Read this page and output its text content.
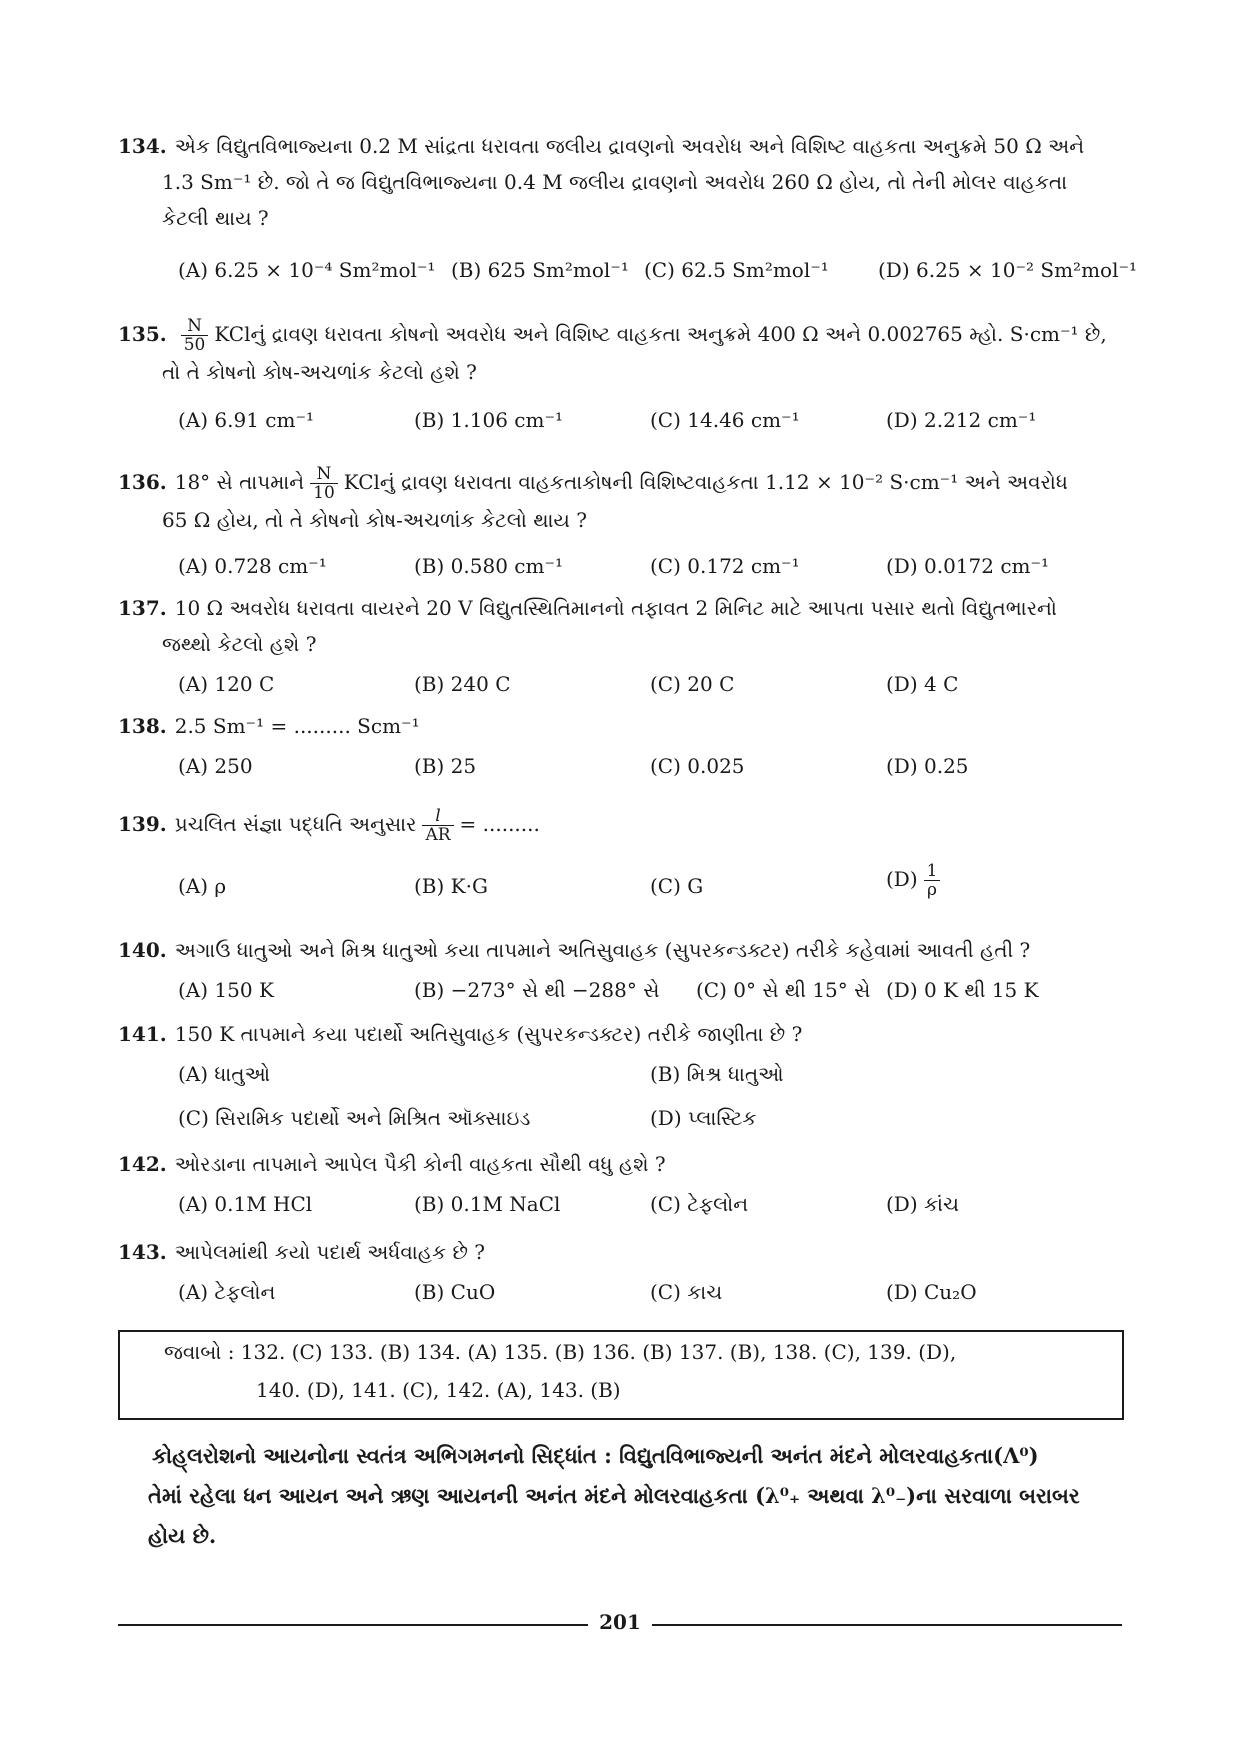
134. એક વિદ્યુતવિભાજ્યના 0.2 M સાંદ્રતા ધરાવતા જલીય દ્રાવણનો અવરોધ અને વિશિષ્ટ વાહકતા અનુક્રમે 50 Ω અને
1.3 Sm⁻¹ છે. જો તે જ વિદ્યુતવિભાજ્યના 0.4 M જલીય દ્રાવણનો અવરોધ 260 Ω હોય, તો તેની મોલર વાહકતા
કેટલી થાય ?
(A) 6.25 × 10⁻⁴ Sm²mol⁻¹ (B) 625 Sm²mol⁻¹ (C) 62.5 Sm²mol⁻¹ (D) 6.25 × 10⁻² Sm²mol⁻¹
135. $\frac{N}{50}$ KClનું દ્રાવણ ધરાવતા કોષનો અવરોધ અને વિશિષ્ટ વાહકતા અનુક્રમે 400 Ω અને 0.002765 મ્હો. S·cm⁻¹ છે,
તો તે કોષનો કોષ-અચળાંક કેટલો હશે ?
(A) 6.91 cm⁻¹	(B) 1.106 cm⁻¹	(C) 14.46 cm⁻¹	(D) 2.212 cm⁻¹
136. 18° સે તાપમાને $\frac{N}{10}$ KClનું દ્રાવણ ધરાવતા વાહકતાકોષની વિશિષ્ટવાહકતા 1.12 × 10⁻² S·cm⁻¹ અને અવરોધ
65 Ω હોય, તો તે કોષનો કોષ-અચળાંક કેટલો થાય ?
(A) 0.728 cm⁻¹	(B) 0.580 cm⁻¹	(C) 0.172 cm⁻¹	(D) 0.0172 cm⁻¹
137. 10 Ω અવરોધ ધરાવતા વાયરને 20 V વિદ્યુતસ્થિતિમાનનો તફાવત 2 મિનિટ માટે આપતા પસાર થતો વિદ્યુતભારનો
જથ્થો કેટલો હશે ?
(A) 120 C	(B) 240 C	(C) 20 C	(D) 4 C
138. 2.5 Sm⁻¹ = ......... Scm⁻¹
(A) 250	(B) 25	(C) 0.025	(D) 0.25
139. પ્રચલિત સંજ્ઞા પદ્ધતિ અનુસાર $\frac{l}{AR}$ = .........
(A) ρ	(B) K·G	(C) G	$(D) \frac{1}{\rho}$
140. અગાઉ ધાતુઓ અને મિશ્ર ધાતુઓ કયા તાપમાને અતિસુવાહક (સુપરકન્ડક્ટર) તરીકે કહેવામાં આવતી હતી ?
(A) 150 K	(B) −273° સે થી −288° સે (C) 0° સે થી 15° સે (D) 0 K થી 15 K
141. 150 K તાપમાને કયા પદાર્થો અતિસુવાહક (સુપરકન્ડક્ટર) તરીકે જાણીતા છે ?
(A) ધાતુઓ	(B) મિશ્ર ધાતુઓ
(C) સિરામિક પદાર્થો અને મિશ્રિત ઑક્સાઇડ	(D) પ્લાસ્ટિક
142. ઓરડાના તાપમાને આપેલ પૈકી કોની વાહકતા સૌથી વધુ હશે ?
(A) 0.1M HCl	(B) 0.1M NaCl	(C) ટેફલોન	(D) કાંચ
143. આપેલમાંથી કયો પદાર્થ અર્ધવાહક છે ?
(A) ટેફલોન	(B) CuO	(C) કાચ	(D) Cu₂O
જવાબો : 132. (C) 133. (B) 134. (A) 135. (B) 136. (B) 137. (B), 138. (C), 139. (D),
140. (D), 141. (C), 142. (A), 143. (B)
કોહ્‌લરોશનો આયનોના સ્વતંત્ર અભિગમનનો સિદ્ધાંત : વિદ્યુતવિભાજ્યની અનંત મંદને મોલરવાહકતા(Λ⁰)
તેમાં રહેલા ધન આયન અને ઋણ આયનની અનંત મંદને મોલરવાહકતા (λ⁰₊ અથવા λ⁰₋)ના સરવાળા બરાબર
હોય છે.
201
